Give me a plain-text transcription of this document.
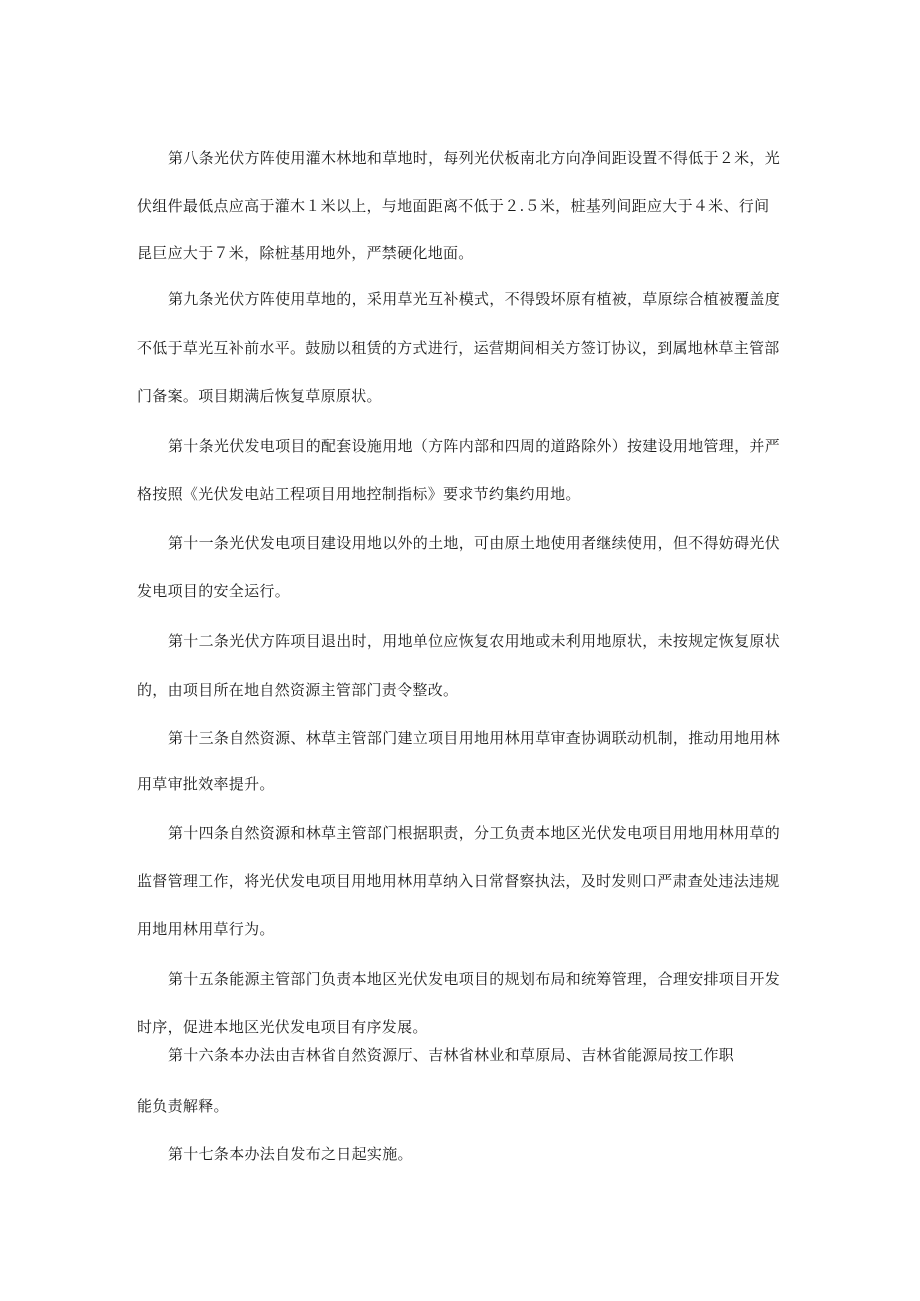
第八条光伏方阵使用灌木林地和草地时，每列光伏板南北方向净间距设置不得低于２米，光
伏组件最低点应高于灌木１米以上，与地面距离不低于２.５米，桩基列间距应大于４米、行间
昆巨应大于７米，除桩基用地外，严禁硬化地面。
第九条光伏方阵使用草地的，采用草光互补模式，不得毁坏原有植被，草原综合植被覆盖度
不低于草光互补前水平。鼓励以租赁的方式进行，运营期间相关方签订协议，到属地林草主管部
门备案。项目期满后恢复草原原状。
第十条光伏发电项目的配套设施用地（方阵内部和四周的道路除外）按建设用地管理，并严
格按照《光伏发电站工程项目用地控制指标》要求节约集约用地。
第十一条光伏发电项目建设用地以外的土地，可由原土地使用者继续使用，但不得妨碍光伏
发电项目的安全运行。
第十二条光伏方阵项目退出时，用地单位应恢复农用地或未利用地原状，未按规定恢复原状
的，由项目所在地自然资源主管部门责令整改。
第十三条自然资源、林草主管部门建立项目用地用林用草审查协调联动机制，推动用地用林
用草审批效率提升。
第十四条自然资源和林草主管部门根据职责，分工负责本地区光伏发电项目用地用林用草的
监督管理工作，将光伏发电项目用地用林用草纳入日常督察执法，及时发则口严肃查处违法违规
用地用林用草行为。
第十五条能源主管部门负责本地区光伏发电项目的规划布局和统筹管理，合理安排项目开发
时序，促进本地区光伏发电项目有序发展。
第十六条本办法由吉林省自然资源厅、吉林省林业和草原局、吉林省能源局按工作职
能负责解释。
第十七条本办法自发布之日起实施。
